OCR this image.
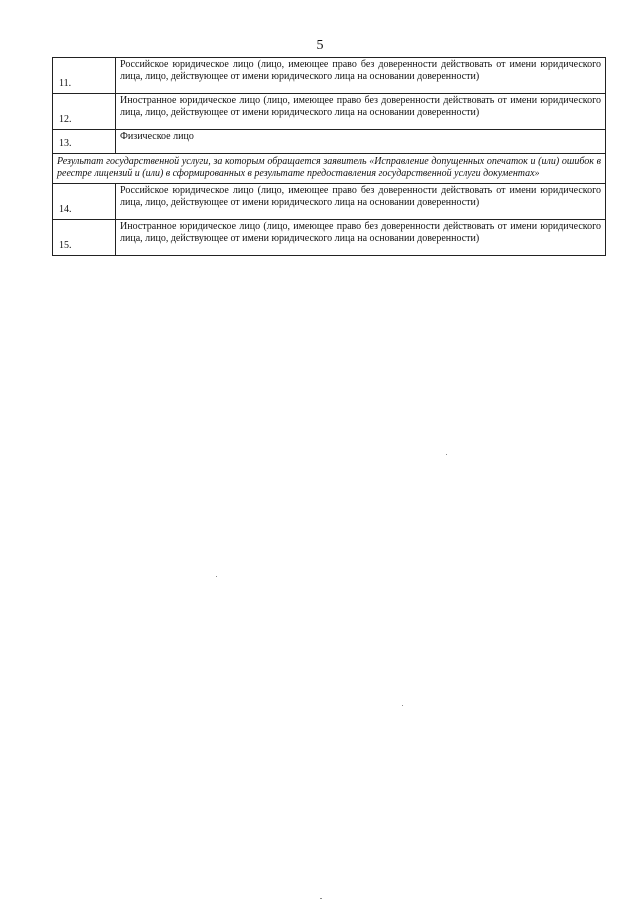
5
11.	Российское юридическое лицо (лицо, имеющее право без доверенности действовать от имени юридического лица, лицо, действующее от имени юридического лица на основании доверенности)
12.	Иностранное юридическое лицо (лицо, имеющее право без доверенности действовать от имени юридического лица, лицо, действующее от имени юридического лица на основании доверенности)
13.	Физическое лицо
Результат государственной услуги, за которым обращается заявитель «Исправление допущенных опечаток и (или) ошибок в реестре лицензий и (или) в сформированных в результате предоставления государственной услуги документах»	
14.	Российское юридическое лицо (лицо, имеющее право без доверенности действовать от имени юридического лица, лицо, действующее от имени юридического лица на основании доверенности)
15.	Иностранное юридическое лицо (лицо, имеющее право без доверенности действовать от имени юридического лица, лицо, действующее от имени юридического лица на основании доверенности)
